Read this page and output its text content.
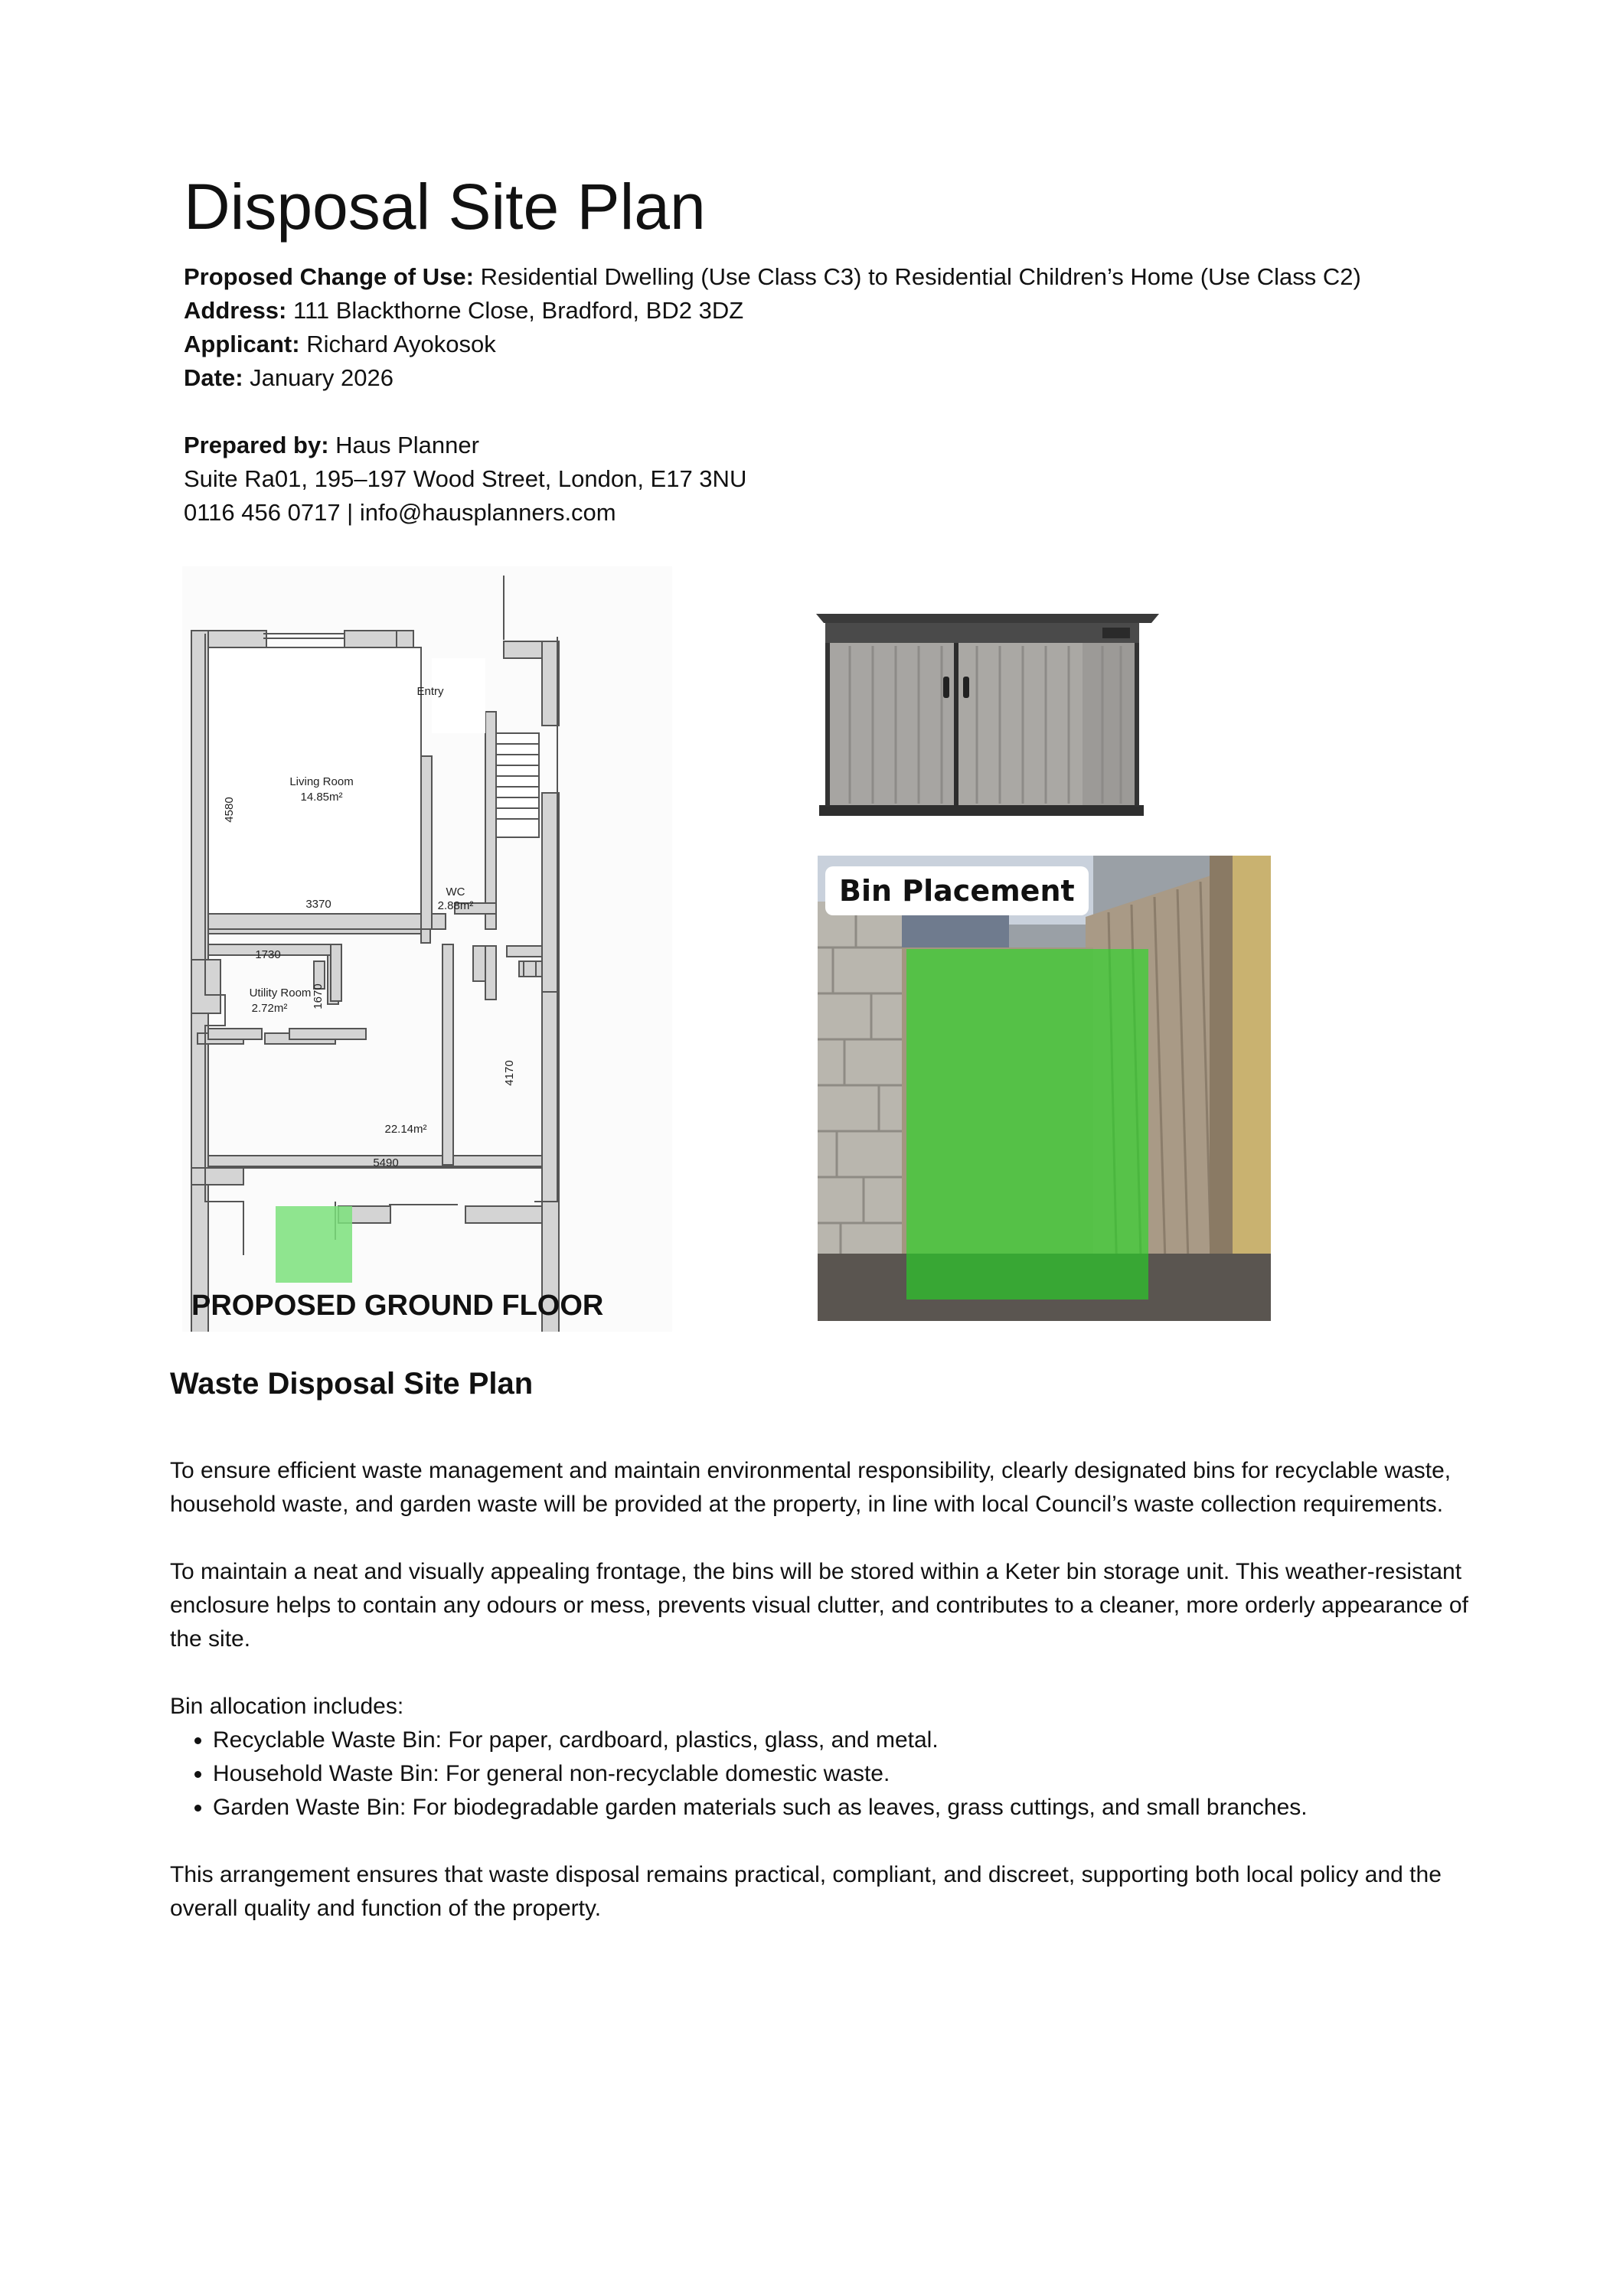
Disposal Site Plan
Proposed Change of Use: Residential Dwelling (Use Class C3) to Residential Children’s Home (Use Class C2)
Address: 111 Blackthorne Close, Bradford, BD2 3DZ
Applicant: Richard Ayokosok
Date: January 2026
Prepared by: Haus Planner
Suite Ra01, 195–197 Wood Street, London, E17 3NU
0116 456 0717 | info@hausplanners.com
Entry
Living Room
14.85m²
4580
3370
WC
2.88m²
1730
Utility Room
2.72m² 1670
4170
22.14m²
5490
PROPOSED GROUND FLOOR
Bin Placement
Waste Disposal Site Plan

To ensure efficient waste management and maintain environmental responsibility, clearly designated bins for recyclable waste, household waste, and garden waste will be provided at the property, in line with local Council’s waste collection requirements.

To maintain a neat and visually appealing frontage, the bins will be stored within a Keter bin storage unit. This weather-resistant enclosure helps to contain any odours or mess, prevents visual clutter, and contributes to a cleaner, more orderly appearance of the site.

Bin allocation includes:
• Recyclable Waste Bin: For paper, cardboard, plastics, glass, and metal.
• Household Waste Bin: For general non-recyclable domestic waste.
• Garden Waste Bin: For biodegradable garden materials such as leaves, grass cuttings, and small branches.

This arrangement ensures that waste disposal remains practical, compliant, and discreet, supporting both local policy and the overall quality and function of the property.
